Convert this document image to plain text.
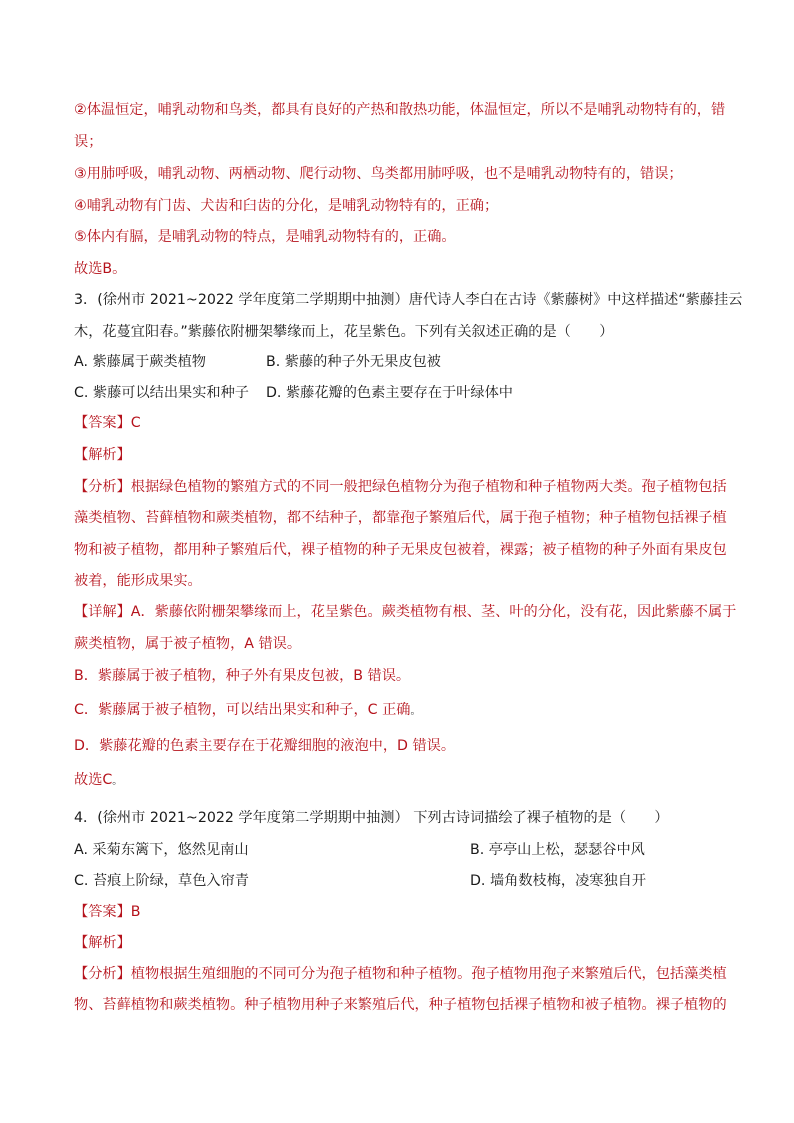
②体温恒定，哺乳动物和鸟类，都具有良好的产热和散热功能，体温恒定，所以不是哺乳动物特有的，错

误；

③用肺呼吸，哺乳动物、两栖动物、爬行动物、鸟类都用肺呼吸，也不是哺乳动物特有的，错误；

④哺乳动物有门齿、犬齿和臼齿的分化，是哺乳动物特有的，正确；

⑤体内有膈，是哺乳动物的特点，是哺乳动物特有的，正确。

故选B。

3．(徐州市 2021~2022 学年度第二学期期中抽测）唐代诗人李白在古诗《紫藤树》中这样描述“紫藤挂云

木，花蔓宜阳春。”紫藤依附栅架攀缘而上，花呈紫色。下列有关叙述正确的是（　　）

A. 紫藤属于蕨类植物	B. 紫藤的种子外无果皮包被

C. 紫藤可以结出果实和种子 D. 紫藤花瓣的色素主要存在于叶绿体中

【答案】C

【解析】

【分析】根据绿色植物的繁殖方式的不同一般把绿色植物分为孢子植物和种子植物两大类。孢子植物包括

藻类植物、苔藓植物和蕨类植物，都不结种子，都靠孢子繁殖后代，属于孢子植物；种子植物包括裸子植

物和被子植物，都用种子繁殖后代，裸子植物的种子无果皮包被着，裸露；被子植物的种子外面有果皮包

被着，能形成果实。

【详解】A．紫藤依附栅架攀缘而上，花呈紫色。蕨类植物有根、茎、叶的分化，没有花，因此紫藤不属于

蕨类植物，属于被子植物，A 错误。

B．紫藤属于被子植物，种子外有果皮包被，B 错误。

C．紫藤属于被子植物，可以结出果实和种子，C 正确。

D．紫藤花瓣的色素主要存在于花瓣细胞的液泡中，D 错误。

故选C。

4．(徐州市 2021~2022 学年度第二学期期中抽测） 下列古诗词描绘了裸子植物的是（　　）

A. 采菊东篱下，悠然见南山	B. 亭亭山上松，瑟瑟谷中风

C. 苔痕上阶绿，草色入帘青	D. 墙角数枝梅，凌寒独自开

【答案】B

【解析】

【分析】植物根据生殖细胞的不同可分为孢子植物和种子植物。孢子植物用孢子来繁殖后代，包括藻类植

物、苔藓植物和蕨类植物。种子植物用种子来繁殖后代，种子植物包括裸子植物和被子植物。裸子植物的
